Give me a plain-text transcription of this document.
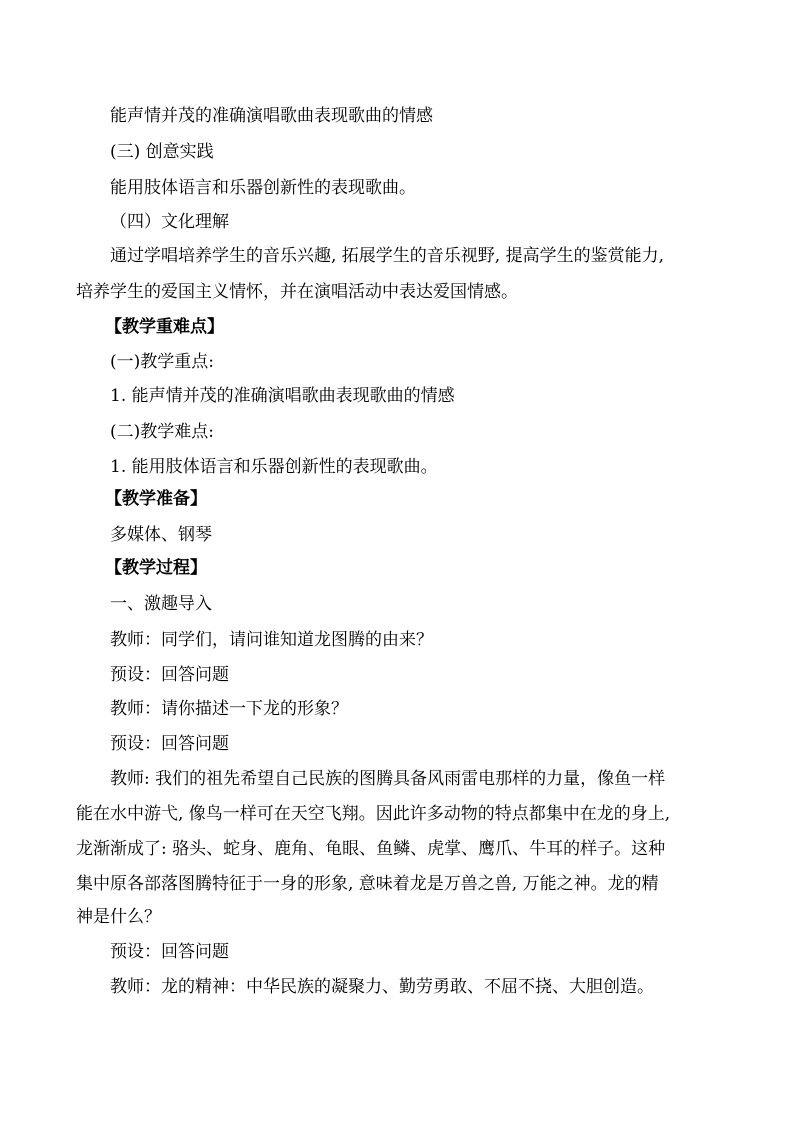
能声情并茂的准确演唱歌曲表现歌曲的情感
(三) 创意实践
能用肢体语言和乐器创新性的表现歌曲。
（四）文化理解
通过学唱培养学生的音乐兴趣, 拓展学生的音乐视野, 提高学生的鉴赏能力,
培养学生的爱国主义情怀，并在演唱活动中表达爱国情感。
【教学重难点】
(一)教学重点:
1. 能声情并茂的准确演唱歌曲表现歌曲的情感
(二)教学难点:
1. 能用肢体语言和乐器创新性的表现歌曲。
【教学准备】
多媒体、钢琴
【教学过程】
一、激趣导入
教师：同学们，请问谁知道龙图腾的由来？
预设：回答问题
教师：请你描述一下龙的形象？
预设：回答问题
教师: 我们的祖先希望自己民族的图腾具备风雨雷电那样的力量，像鱼一样
能在水中游弋, 像鸟一样可在天空飞翔。因此许多动物的特点都集中在龙的身上,
龙渐渐成了: 骆头、蛇身、鹿角、龟眼、鱼鳞、虎掌、鹰爪、牛耳的样子。这种
集中原各部落图腾特征于一身的形象, 意味着龙是万兽之兽, 万能之神。龙的精
神是什么？
预设：回答问题
教师：龙的精神：中华民族的凝聚力、勤劳勇敢、不屈不挠、大胆创造。
